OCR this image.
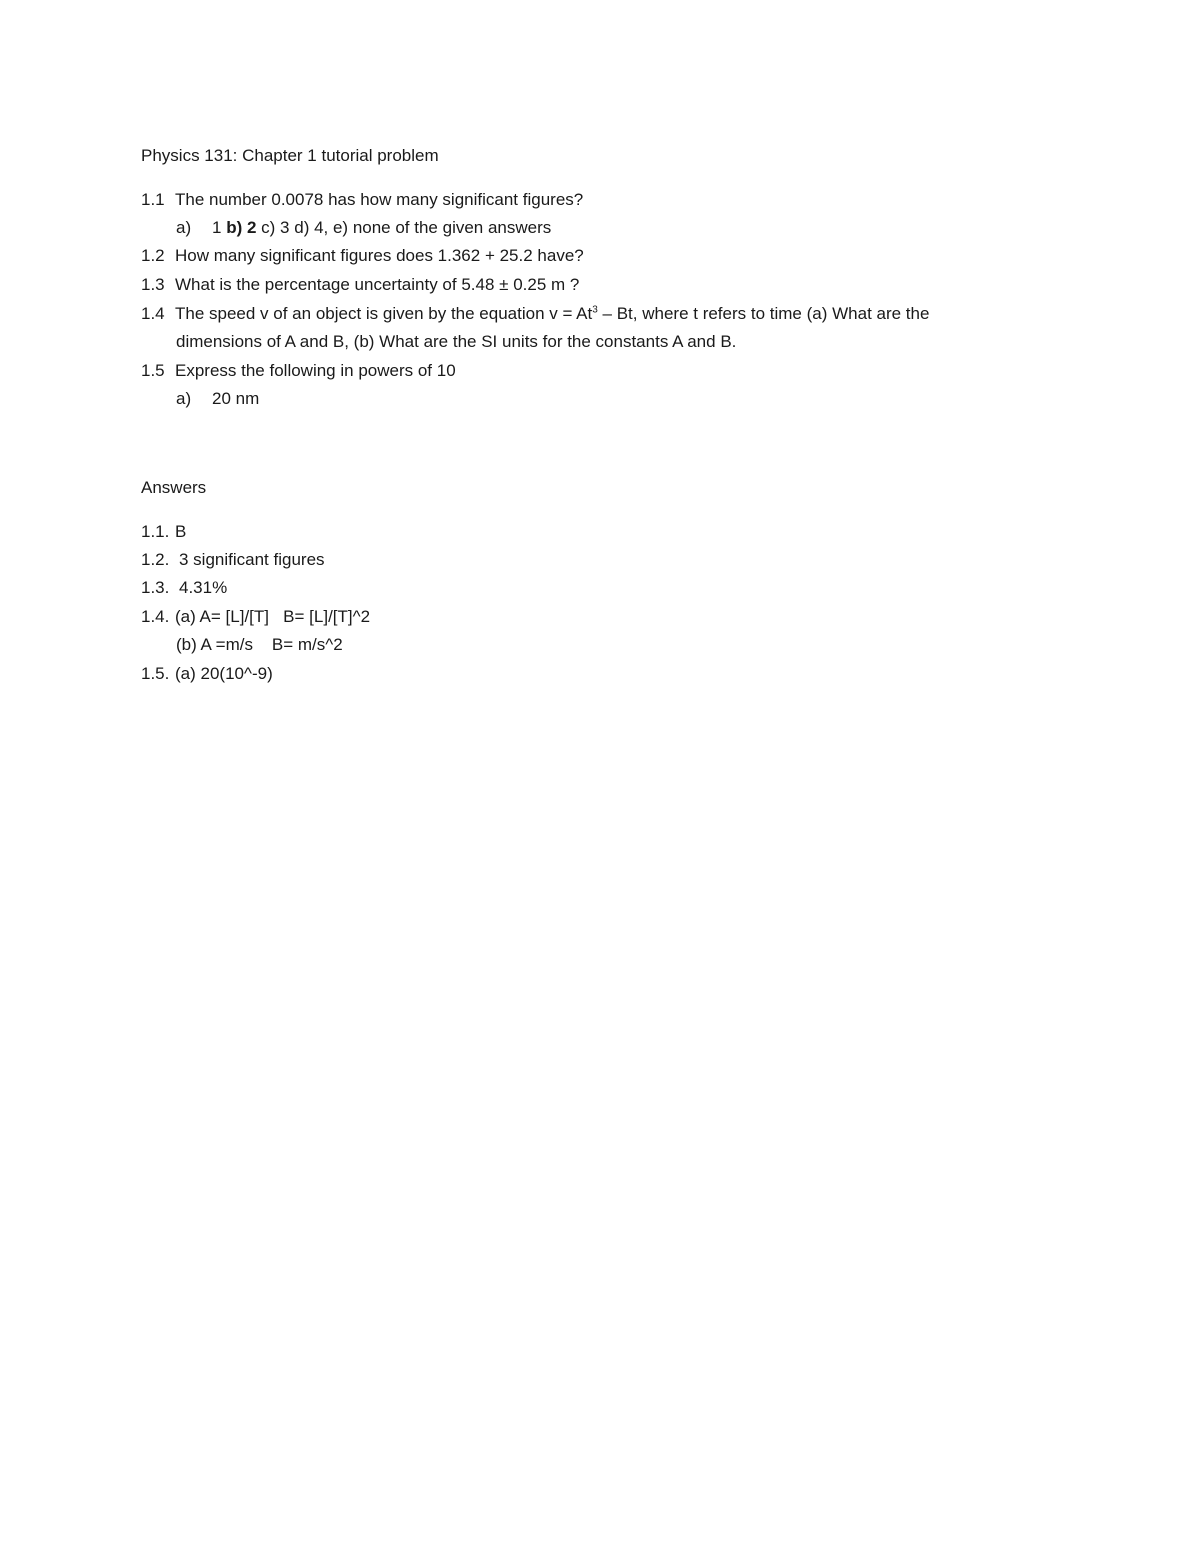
Physics 131: Chapter 1 tutorial problem
1.1 The number 0.0078 has how many significant figures?
a) 1 b) 2 c) 3 d) 4, e) none of the given answers
1.2 How many significant figures does 1.362 + 25.2 have?
1.3 What is the percentage uncertainty of 5.48 ± 0.25 m ?
1.4 The speed v of an object is given by the equation $v = At^3 - Bt$, where t refers to time (a) What are the
dimensions of A and B, (b) What are the SI units for the constants A and B.
1.5 Express the following in powers of 10
a) 20 nm
Answers
1.1. B
1.2. 3 significant figures
1.3. 4.31%
1.4. (a) A= [L]/[T]   B= [L]/[T]^2
(b) A =m/s    B= m/s^2
1.5. (a) 20(10^-9)
